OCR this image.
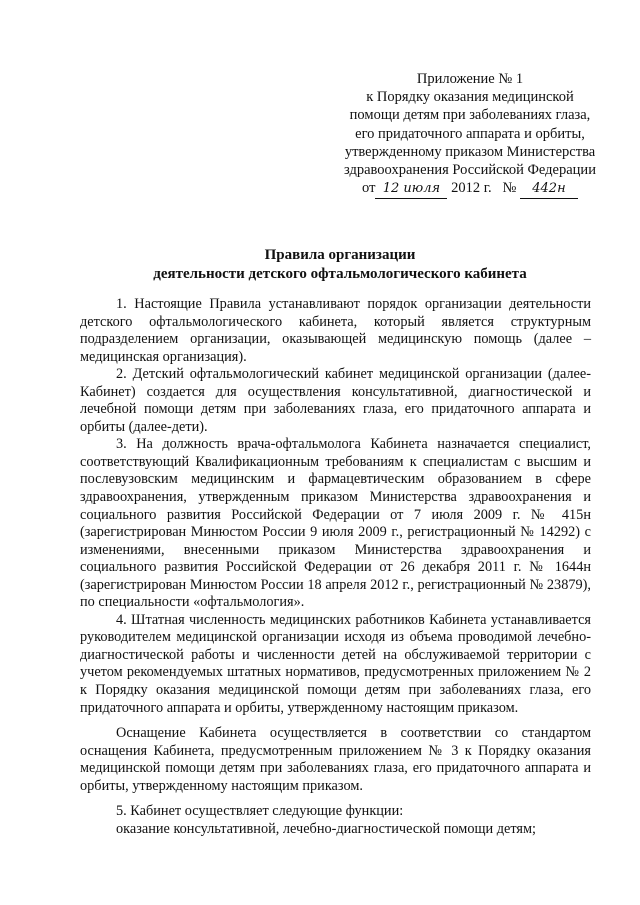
Приложение № 1
к Порядку оказания медицинской
помощи детям при заболеваниях глаза,
его придаточного аппарата и орбиты,
утвержденному приказом Министерства
здравоохранения Российской Федерации
от 12 июля 2012 г. № 442н
Правила организации
деятельности детского офтальмологического кабинета

1. Настоящие Правила устанавливают порядок организации деятельности детского офтальмологического кабинета, который является структурным подразделением организации, оказывающей медицинскую помощь (далее – медицинская организация).

2. Детский офтальмологический кабинет медицинской организации (далее-Кабинет) создается для осуществления консультативной, диагностической и лечебной помощи детям при заболеваниях глаза, его придаточного аппарата и орбиты (далее-дети).

3. На должность врача-офтальмолога Кабинета назначается специалист, соответствующий Квалификационным требованиям к специалистам с высшим и послевузовским медицинским и фармацевтическим образованием в сфере здравоохранения, утвержденным приказом Министерства здравоохранения и социального развития Российской Федерации от 7 июля 2009 г. № 415н (зарегистрирован Минюстом России 9 июля 2009 г., регистрационный № 14292) с изменениями, внесенными приказом Министерства здравоохранения и социального развития Российской Федерации от 26 декабря 2011 г. № 1644н (зарегистрирован Минюстом России 18 апреля 2012 г., регистрационный № 23879), по специальности «офтальмология».

4. Штатная численность медицинских работников Кабинета устанавливается руководителем медицинской организации исходя из объема проводимой лечебно-диагностической работы и численности детей на обслуживаемой территории с учетом рекомендуемых штатных нормативов, предусмотренных приложением № 2 к Порядку оказания медицинской помощи детям при заболеваниях глаза, его придаточного аппарата и орбиты, утвержденному настоящим приказом.

Оснащение Кабинета осуществляется в соответствии со стандартом оснащения Кабинета, предусмотренным приложением № 3 к Порядку оказания медицинской помощи детям при заболеваниях глаза, его придаточного аппарата и орбиты, утвержденному настоящим приказом.

5. Кабинет осуществляет следующие функции:

оказание консультативной, лечебно-диагностической помощи детям;
